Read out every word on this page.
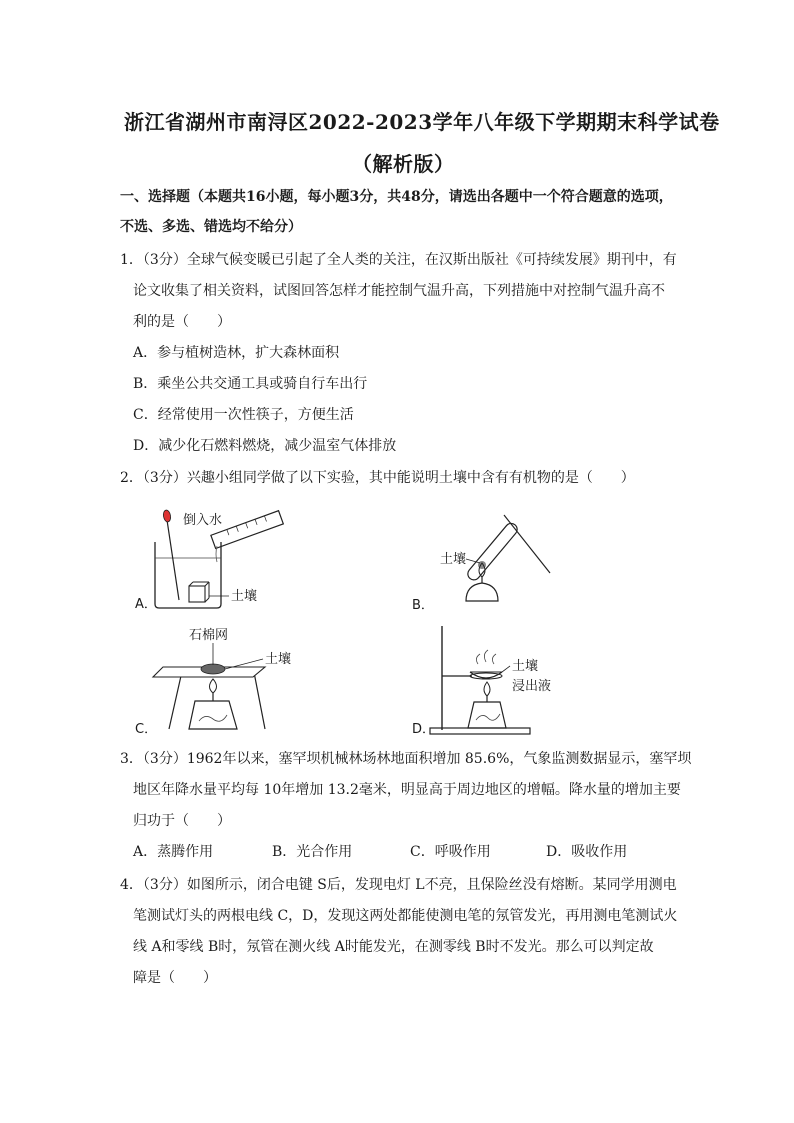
浙江省湖州市南浔区2022-2023学年八年级下学期期末科学试卷
（解析版）
一、选择题（本题共16小题，每小题3分，共48分，请选出各题中一个符合题意的选项，
不选、多选、错选均不给分）
1．（3分）全球气候变暖已引起了全人类的关注，在汉斯出版社《可持续发展》期刊中，有
论文收集了相关资料，试图回答怎样才能控制气温升高，下列措施中对控制气温升高不
利的是（　　）
A．参与植树造林，扩大森林面积
B．乘坐公共交通工具或骑自行车出行
C．经常使用一次性筷子，方便生活
D．减少化石燃料燃烧，减少温室气体排放
2．（3分）兴趣小组同学做了以下实验，其中能说明土壤中含有有机物的是（　　）
A．
土壤
倒入水
B．
土壤
C．
石棉网
土壤
D．
土壤
浸出液
3．（3分）1962年以来，塞罕坝机械林场林地面积增加 85.6%，气象监测数据显示，塞罕坝
地区年降水量平均每 10年增加 13.2毫米，明显高于周边地区的增幅。降水量的增加主要
归功于（　　）
A．蒸腾作用	B．光合作用	C．呼吸作用	D．吸收作用
4．（3分）如图所示，闭合电键 S后，发现电灯 L不亮，且保险丝没有熔断。某同学用测电
笔测试灯头的两根电线 C，D，发现这两处都能使测电笔的氖管发光，再用测电笔测试火
线 A和零线 B时，氖管在测火线 A时能发光，在测零线 B时不发光。那么可以判定故
障是（　　）
